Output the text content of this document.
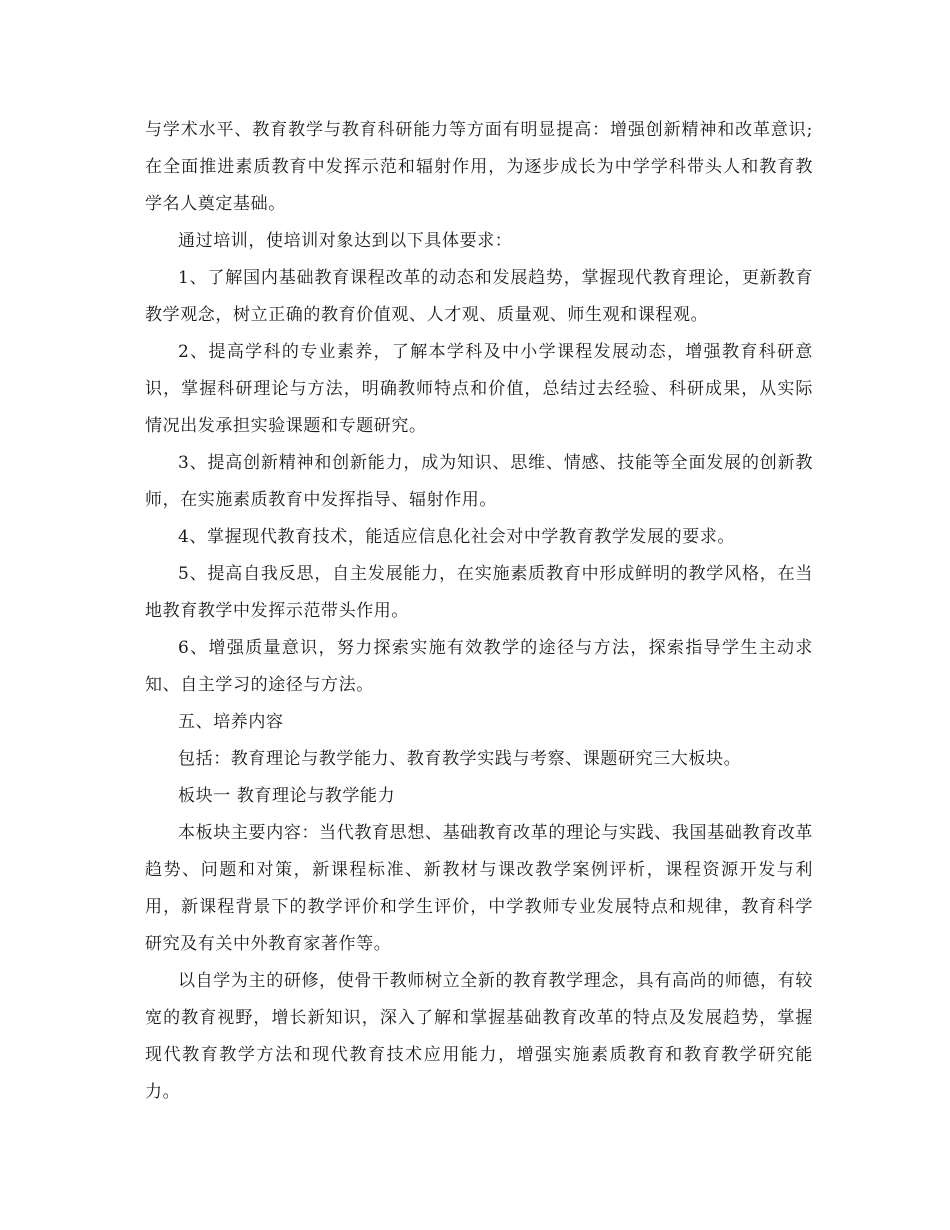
与学术水平、教育教学与教育科研能力等方面有明显提高：增强创新精神和改革意识;在全面推进素质教育中发挥示范和辐射作用，为逐步成长为中学学科带头人和教育教学名人奠定基础。

通过培训，使培训对象达到以下具体要求：

1、了解国内基础教育课程改革的动态和发展趋势，掌握现代教育理论，更新教育教学观念，树立正确的教育价值观、人才观、质量观、师生观和课程观。

2、提高学科的专业素养，了解本学科及中小学课程发展动态，增强教育科研意识，掌握科研理论与方法，明确教师特点和价值，总结过去经验、科研成果，从实际情况出发承担实验课题和专题研究。

3、提高创新精神和创新能力，成为知识、思维、情感、技能等全面发展的创新教师，在实施素质教育中发挥指导、辐射作用。

4、掌握现代教育技术，能适应信息化社会对中学教育教学发展的要求。

5、提高自我反思，自主发展能力，在实施素质教育中形成鲜明的教学风格，在当地教育教学中发挥示范带头作用。

6、增强质量意识，努力探索实施有效教学的途径与方法，探索指导学生主动求知、自主学习的途径与方法。

五、培养内容

包括：教育理论与教学能力、教育教学实践与考察、课题研究三大板块。

板块一 教育理论与教学能力

本板块主要内容：当代教育思想、基础教育改革的理论与实践、我国基础教育改革趋势、问题和对策，新课程标准、新教材与课改教学案例评析，课程资源开发与利用，新课程背景下的教学评价和学生评价，中学教师专业发展特点和规律，教育科学研究及有关中外教育家著作等。

以自学为主的研修，使骨干教师树立全新的教育教学理念，具有高尚的师德，有较宽的教育视野，增长新知识，深入了解和掌握基础教育改革的特点及发展趋势，掌握现代教育教学方法和现代教育技术应用能力，增强实施素质教育和教育教学研究能力。
